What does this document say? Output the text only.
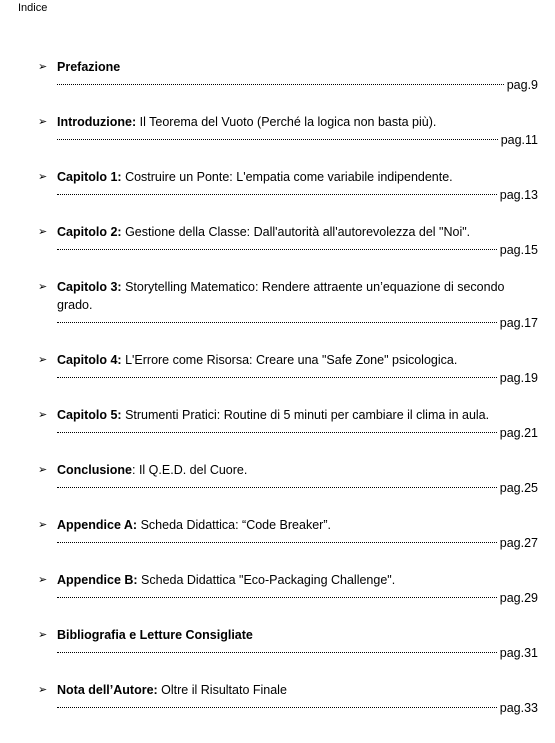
Indice
➢ Prefazione
pag.9
➢ Introduzione: Il Teorema del Vuoto (Perché la logica non basta più).
pag.11
➢ Capitolo 1: Costruire un Ponte: L'empatia come variabile indipendente.
pag.13
➢ Capitolo 2: Gestione della Classe: Dall'autorità all'autorevolezza del "Noi".
pag.15
➢ Capitolo 3: Storytelling Matematico: Rendere attraente un’equazione di secondo grado.
pag.17
➢ Capitolo 4: L'Errore come Risorsa: Creare una "Safe Zone" psicologica.
pag.19
➢ Capitolo 5: Strumenti Pratici: Routine di 5 minuti per cambiare il clima in aula.
pag.21
➢ Conclusione: Il Q.E.D. del Cuore.
pag.25
➢ Appendice A: Scheda Didattica: “Code Breaker”.
pag.27
➢ Appendice B: Scheda Didattica "Eco-Packaging Challenge".
pag.29
➢ Bibliografia e Letture Consigliate
pag.31
➢ Nota dell’Autore: Oltre il Risultato Finale
pag.33
